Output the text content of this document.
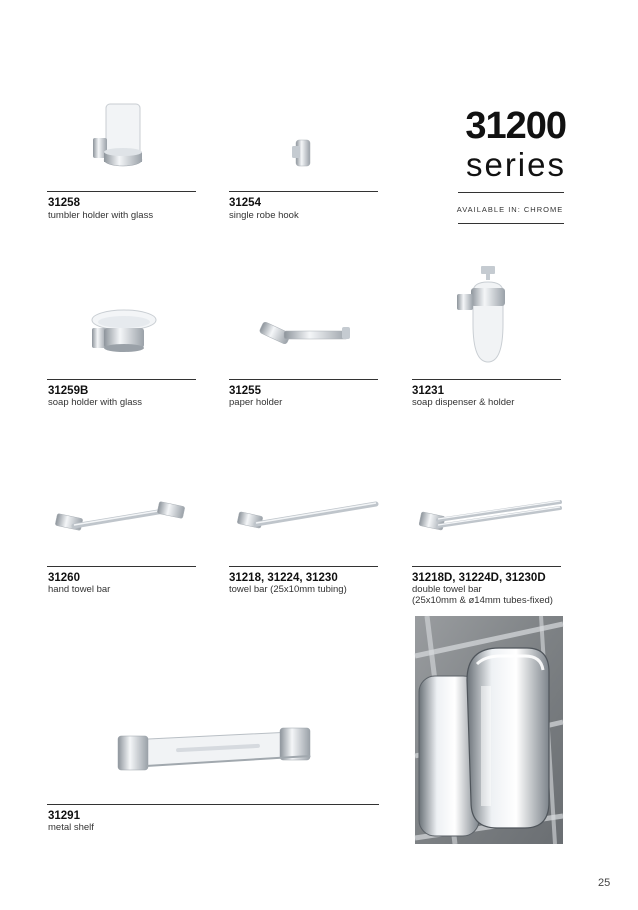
31200
series
AVAILABLE IN: CHROME
31258
tumbler holder with glass
31254
single robe hook
31259B
soap holder with glass
31255
paper holder
31231
soap dispenser & holder
31260
hand towel bar
31218, 31224, 31230
towel bar (25x10mm tubing)
31218D, 31224D, 31230D
double towel bar
(25x10mm & ø14mm tubes-fixed)
31291
metal shelf
25
